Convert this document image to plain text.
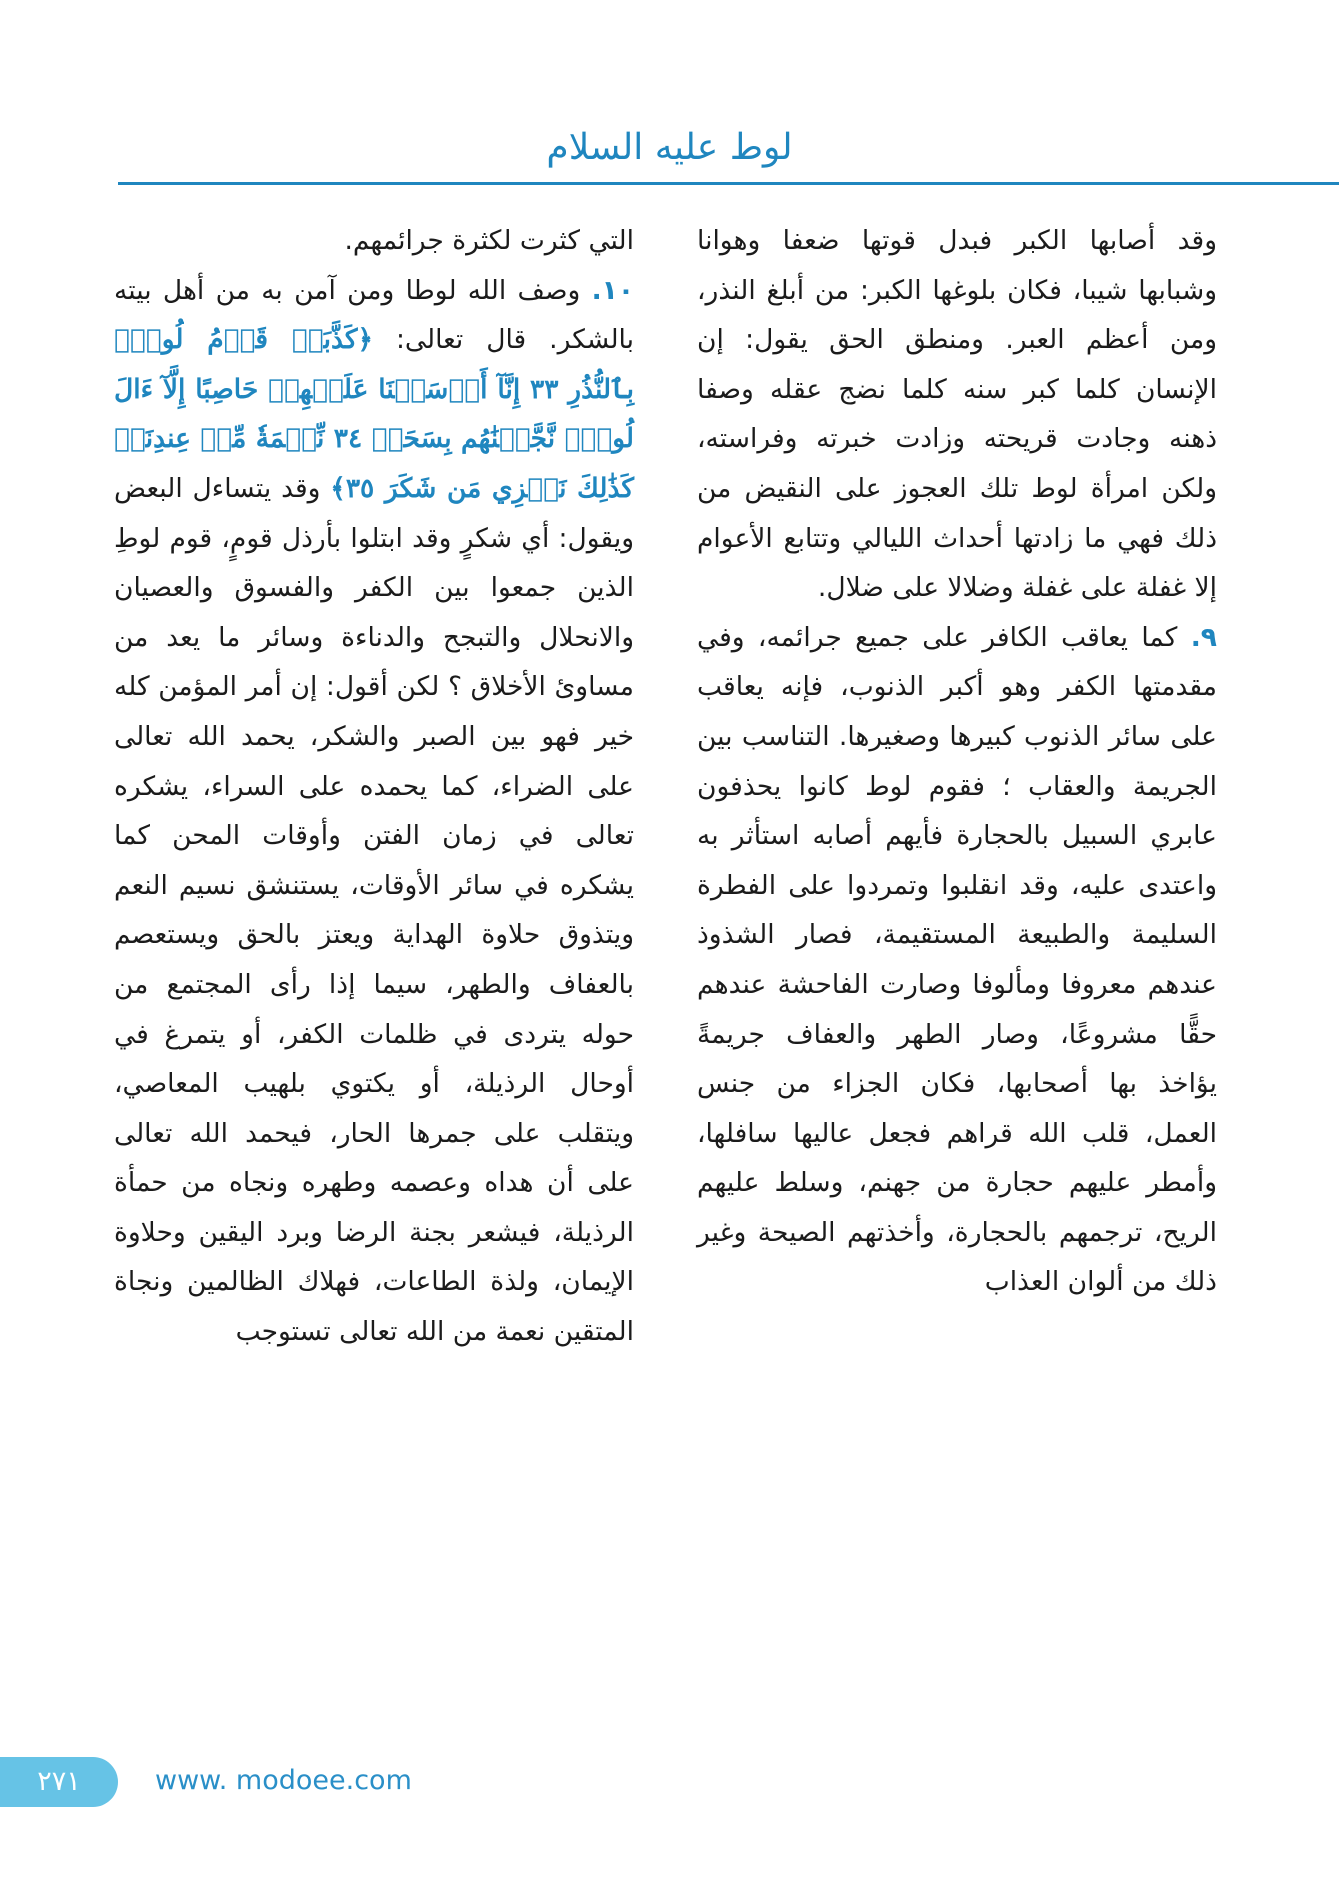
لوط عليه السلام

وقد أصابها الكبر فبدل قوتها ضعفا وهوانا وشبابها شيبا، فكان بلوغها الكبر: من أبلغ النذر، ومن أعظم العبر. ومنطق الحق يقول: إن الإنسان كلما كبر سنه كلما نضج عقله وصفا ذهنه وجادت قريحته وزادت خبرته وفراسته، ولكن امرأة لوط تلك العجوز على النقيض من ذلك فهي ما زادتها أحداث الليالي وتتابع الأعوام إلا غفلة على غفلة وضلالا على ضلال.

٩. كما يعاقب الكافر على جميع جرائمه، وفي مقدمتها الكفر وهو أكبر الذنوب، فإنه يعاقب على سائر الذنوب كبيرها وصغيرها. التناسب بين الجريمة والعقاب ؛ فقوم لوط كانوا يحذفون عابري السبيل بالحجارة فأيهم أصابه استأثر به واعتدى عليه، وقد انقلبوا وتمردوا على الفطرة السليمة والطبيعة المستقيمة، فصار الشذوذ عندهم معروفا ومألوفا وصارت الفاحشة عندهم حقًّا مشروعًا، وصار الطهر والعفاف جريمةً يؤاخذ بها أصحابها، فكان الجزاء من جنس العمل، قلب الله قراهم فجعل عاليها سافلها، وأمطر عليهم حجارة من جهنم، وسلط عليهم الريح، ترجمهم بالحجارة، وأخذتهم الصيحة وغير ذلك من ألوان العذاب

التي كثرت لكثرة جرائمهم.

١٠. وصف الله لوطا ومن آمن به من أهل بيته بالشكر. قال تعالى: ﴿كَذَّبَتۡ قَوۡمُ لُوطِۭ بِٱلنُّذُرِ ٣٣ إِنَّآ أَرۡسَلۡنَا عَلَيۡهِمۡ حَاصِبًا إِلَّآ ءَالَ لُوطٖۖ نَّجَّيۡنَٰهُم بِسَحَرٖ ٣٤ نِّعۡمَةٗ مِّنۡ عِندِنَاۚ كَذَٰلِكَ نَجۡزِي مَن شَكَرَ ٣٥﴾ وقد يتساءل البعض ويقول: أي شكرٍ وقد ابتلوا بأرذل قومٍ، قوم لوطِ الذين جمعوا بين الكفر والفسوق والعصيان والانحلال والتبجح والدناءة وسائر ما يعد من مساوئ الأخلاق ؟ لكن أقول: إن أمر المؤمن كله خير فهو بين الصبر والشكر، يحمد الله تعالى على الضراء، كما يحمده على السراء، يشكره تعالى في زمان الفتن وأوقات المحن كما يشكره في سائر الأوقات، يستنشق نسيم النعم ويتذوق حلاوة الهداية ويعتز بالحق ويستعصم بالعفاف والطهر، سيما إذا رأى المجتمع من حوله يتردى في ظلمات الكفر، أو يتمرغ في أوحال الرذيلة، أو يكتوي بلهيب المعاصي، ويتقلب على جمرها الحار، فيحمد الله تعالى على أن هداه وعصمه وطهره ونجاه من حمأة الرذيلة، فيشعر بجنة الرضا وبرد اليقين وحلاوة الإيمان، ولذة الطاعات، فهلاك الظالمين ونجاة المتقين نعمة من الله تعالى تستوجب

٢٧١	www. modoee.com
